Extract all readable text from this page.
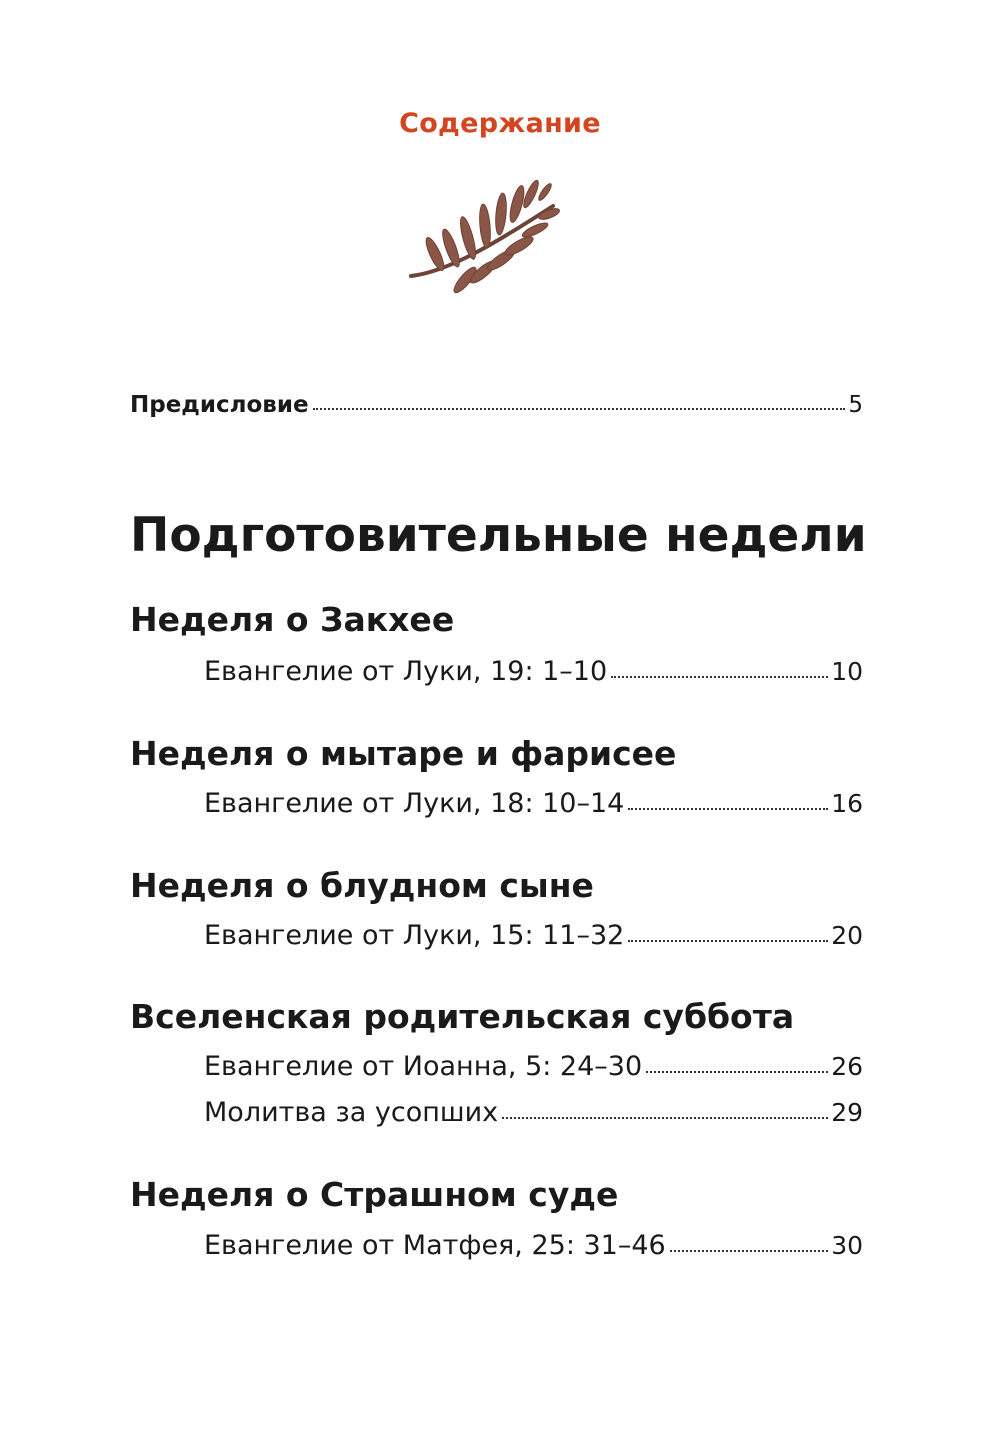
Содержание
Предисловие	5
Подготовительные недели
Неделя о Закхее
Евангелие от Луки, 19: 1–10	10
Неделя о мытаре и фарисее
Евангелие от Луки, 18: 10–14	16
Неделя о блудном сыне
Евангелие от Луки, 15: 11–32	20
Вселенская родительская суббота
Евангелие от Иоанна, 5: 24–30	26
Молитва за усопших	29
Неделя о Страшном суде
Евангелие от Матфея, 25: 31–46	30
